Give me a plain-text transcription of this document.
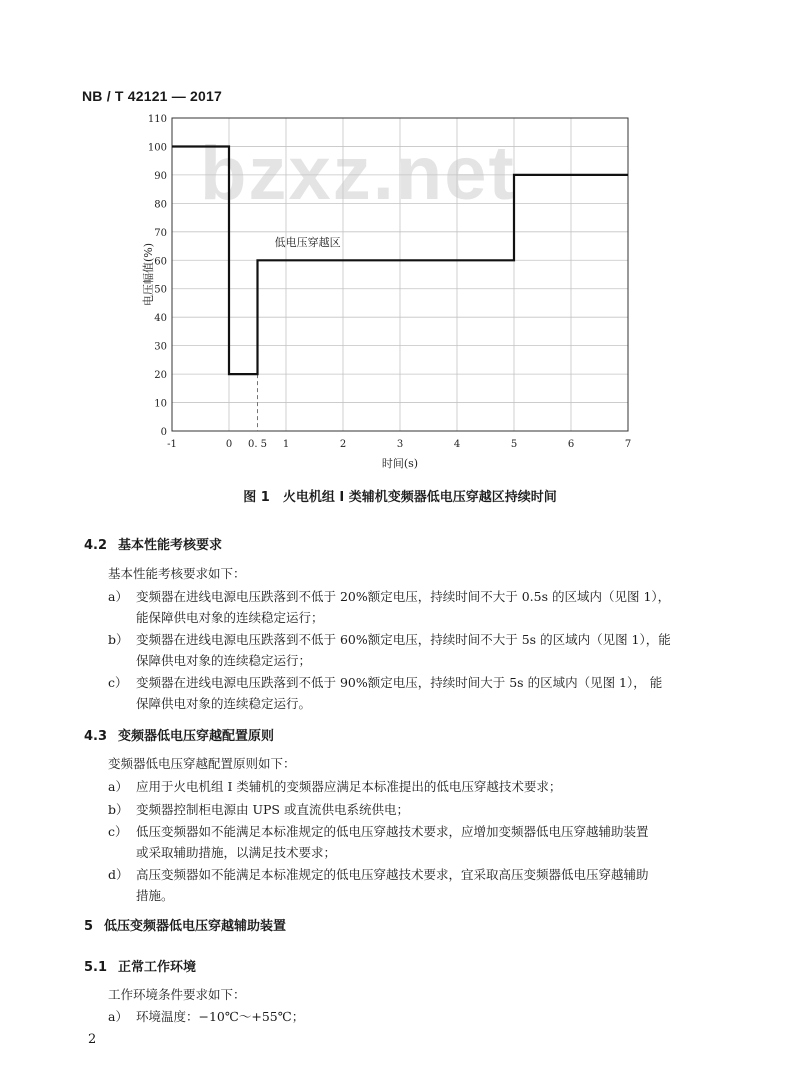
NB / T 42121 — 2017
bzxz.net
0
10
20
30
40
50
60
70
80
90
100
110
-1	0 0. 5 1	2	3	4	5	6	7
时间(s)
电压幅值(%)
低电压穿越区
图 1　火电机组 I 类辅机变频器低电压穿越区持续时间
4.2 基本性能考核要求
基本性能考核要求如下：
a） 变频器在进线电源电压跌落到不低于 20%额定电压，持续时间不大于 0.5s 的区域内（见图 1），
能保障供电对象的连续稳定运行；
b） 变频器在进线电源电压跌落到不低于 60%额定电压，持续时间不大于 5s 的区域内（见图 1），能
保障供电对象的连续稳定运行；
c） 变频器在进线电源电压跌落到不低于 90%额定电压，持续时间大于 5s 的区域内（见图 1）， 能
保障供电对象的连续稳定运行。
4.3 变频器低电压穿越配置原则
变频器低电压穿越配置原则如下：
a） 应用于火电机组 I 类辅机的变频器应满足本标准提出的低电压穿越技术要求；
b） 变频器控制柜电源由 UPS 或直流供电系统供电；
c） 低压变频器如不能满足本标准规定的低电压穿越技术要求，应增加变频器低电压穿越辅助装置
或采取辅助措施，以满足技术要求；
d） 高压变频器如不能满足本标准规定的低电压穿越技术要求，宜采取高压变频器低电压穿越辅助
措施。
5 低压变频器低电压穿越辅助装置
5.1 正常工作环境
工作环境条件要求如下：
a） 环境温度：−10℃～+55℃；
2
